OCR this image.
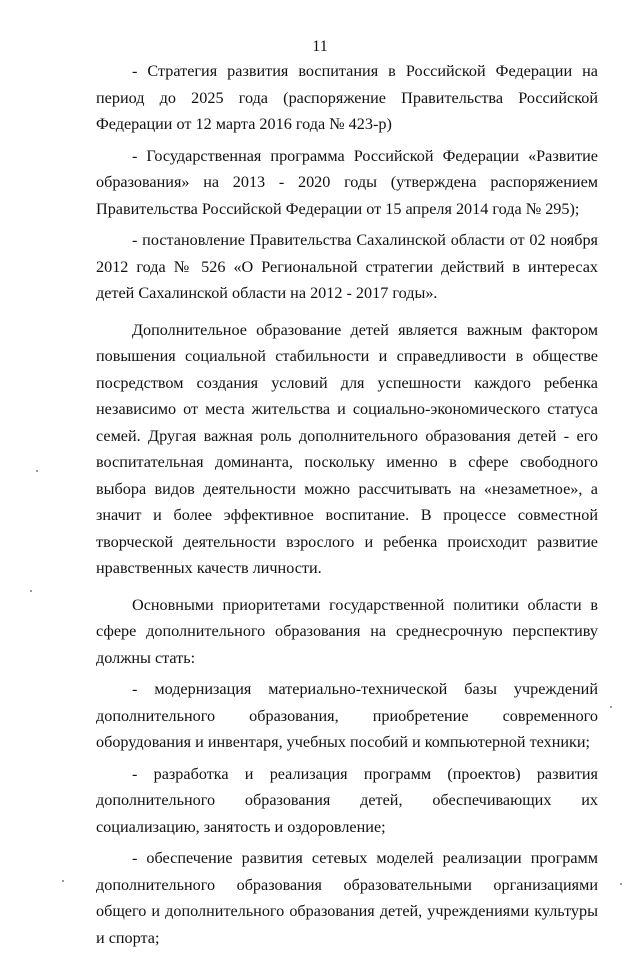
11

- Стратегия развития воспитания в Российской Федерации на период до 2025 года (распоряжение Правительства Российской Федерации от 12 марта 2016 года № 423-р)

- Государственная программа Российской Федерации «Развитие образования» на 2013 - 2020 годы (утверждена распоряжением Правительства Российской Федерации от 15 апреля 2014 года № 295);

- постановление Правительства Сахалинской области от 02 ноября 2012 года № 526 «О Региональной стратегии действий в интересах детей Сахалинской области на 2012 - 2017 годы».

Дополнительное образование детей является важным фактором повышения социальной стабильности и справедливости в обществе посредством создания условий для успешности каждого ребенка независимо от места жительства и социально-экономического статуса семей. Другая важная роль дополнительного образования детей - его воспитательная доминанта, поскольку именно в сфере свободного выбора видов деятельности можно рассчитывать на «незаметное», а значит и более эффективное воспитание. В процессе совместной творческой деятельности взрослого и ребенка происходит развитие нравственных качеств личности.

Основными приоритетами государственной политики области в сфере дополнительного образования на среднесрочную перспективу должны стать:

- модернизация материально-технической базы учреждений дополнительного образования, приобретение современного оборудования и инвентаря, учебных пособий и компьютерной техники;

- разработка и реализация программ (проектов) развития дополнительного образования детей, обеспечивающих их социализацию, занятость и оздоровление;

- обеспечение развития сетевых моделей реализации программ дополнительного образования образовательными организациями общего и дополнительного образования детей, учреждениями культуры и спорта;
